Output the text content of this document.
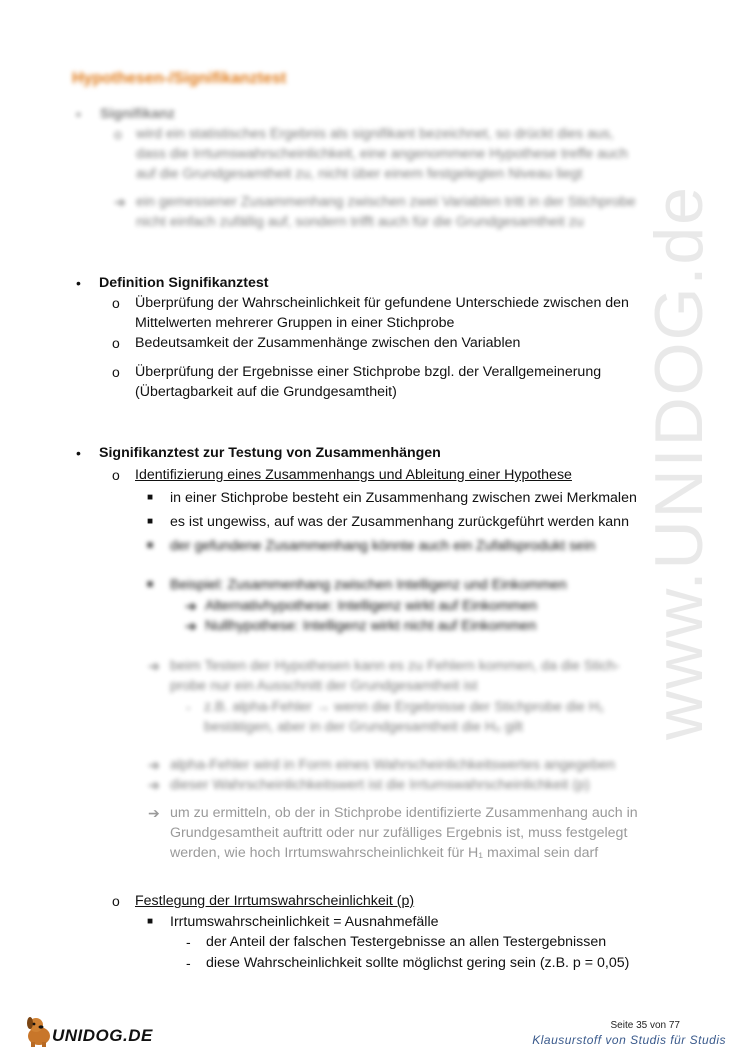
www.UNIDOG.de
Hypothesen-/Signifikanztest
• Signifikanz
o wird ein statistisches Ergebnis als signifikant bezeichnet, so drückt dies aus,
dass die Irrtumswahrscheinlichkeit, eine angenommene Hypothese treffe auch
auf die Grundgesamtheit zu, nicht über einem festgelegten Niveau liegt
➔ ein gemessener Zusammenhang zwischen zwei Variablen tritt in der Stichprobe
nicht einfach zufällig auf, sondern trifft auch für die Grundgesamtheit zu
• Definition Signifikanztest
o Überprüfung der Wahrscheinlichkeit für gefundene Unterschiede zwischen den
Mittelwerten mehrerer Gruppen in einer Stichprobe
o Bedeutsamkeit der Zusammenhänge zwischen den Variablen
o Überprüfung der Ergebnisse einer Stichprobe bzgl. der Verallgemeinerung
(Übertagbarkeit auf die Grundgesamtheit)
• Signifikanztest zur Testung von Zusammenhängen
o Identifizierung eines Zusammenhangs und Ableitung einer Hypothese
■ in einer Stichprobe besteht ein Zusammenhang zwischen zwei Merkmalen
■ es ist ungewiss, auf was der Zusammenhang zurückgeführt werden kann
■ der gefundene Zusammenhang könnte auch ein Zufallsprodukt sein
■ Beispiel: Zusammenhang zwischen Intelligenz und Einkommen
➔ Alternativhypothese: Intelligenz wirkt auf Einkommen
➔ Nullhypothese: Intelligenz wirkt nicht auf Einkommen
➔ beim Testen der Hypothesen kann es zu Fehlern kommen, da die Stich-
probe nur ein Ausschnitt der Grundgesamtheit ist
- z.B. alpha-Fehler → wenn die Ergebnisse der Stichprobe die H₁
bestätigen, aber in der Grundgesamtheit die H₀ gilt
➔ alpha-Fehler wird in Form eines Wahrscheinlichkeitswertes angegeben
➔ dieser Wahrscheinlichkeitswert ist die Irrtumswahrscheinlichkeit (p)
➔ um zu ermitteln, ob der in Stichprobe identifizierte Zusammenhang auch in
Grundgesamtheit auftritt oder nur zufälliges Ergebnis ist, muss festgelegt
werden, wie hoch Irrtumswahrscheinlichkeit für H₁ maximal sein darf
o Festlegung der Irrtumswahrscheinlichkeit (p)
■ Irrtumswahrscheinlichkeit = Ausnahmefälle
- der Anteil der falschen Testergebnisse an allen Testergebnissen
- diese Wahrscheinlichkeit sollte möglichst gering sein (z.B. p = 0,05)
UNIDOG.DE
Seite 35 von 77
Klausurstoff von Studis für Studis
